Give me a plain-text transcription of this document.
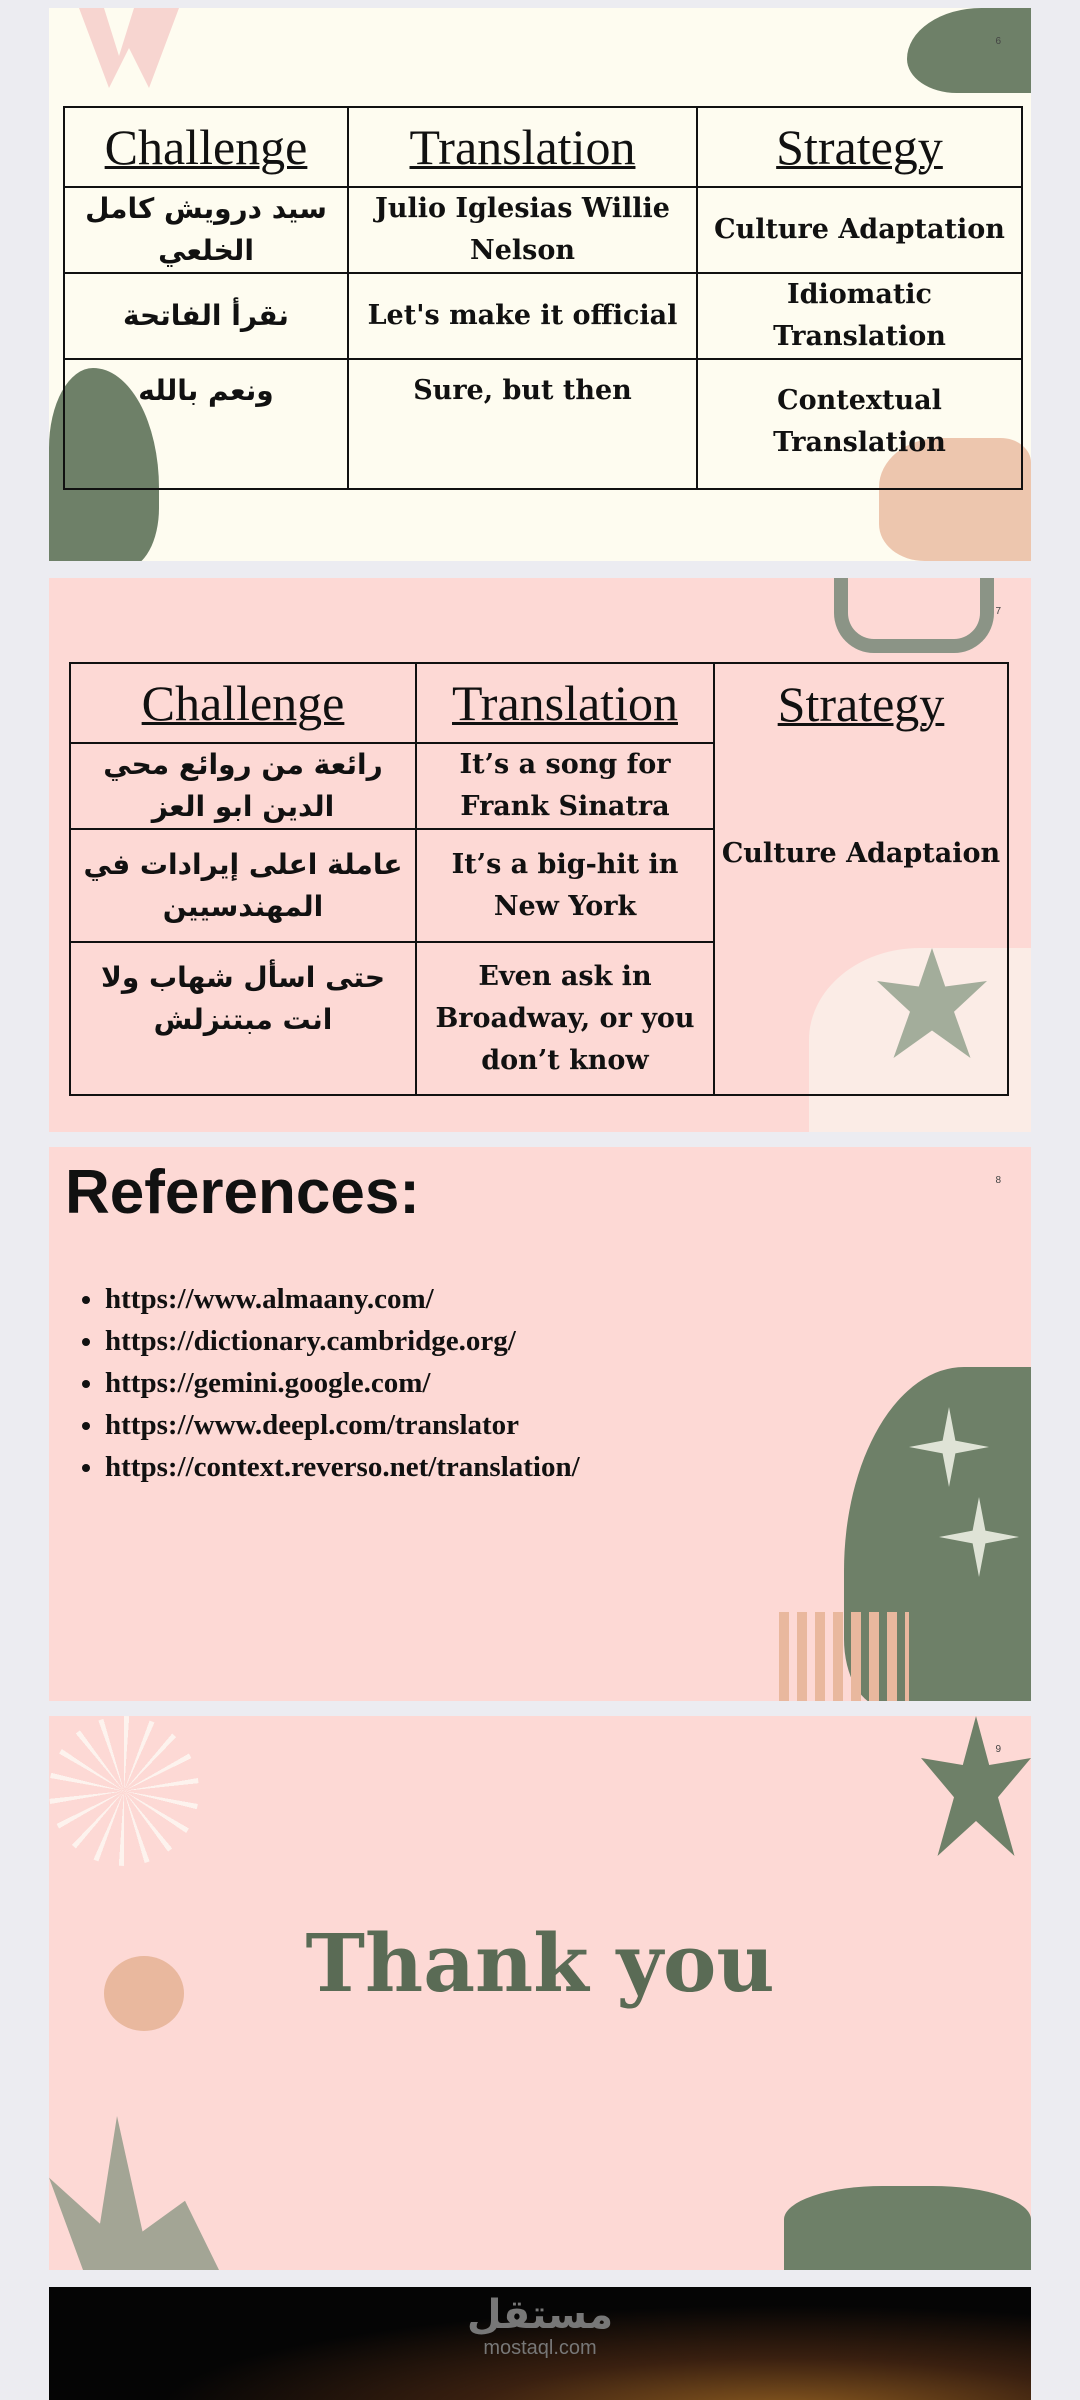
6
Challenge	Translation	Strategy
سيد درويش كامل الخلعي	Julio Iglesias Willie Nelson	Culture Adaptation
نقرأ الفاتحة	Let's make it official	Idiomatic Translation
ونعم بالله	Sure, but then	Contextual Translation
7
Challenge	Translation	Strategy
رائعة من روائع محي الدين ابو العز	It’s a song for Frank Sinatra	Culture Adaptaion
عاملة اعلى إيرادات في المهندسيين	It’s a big-hit in New York	
حتى اسأل شهاب ولا انت مبتنزلش	Even ask in Broadway, or you don’t know	
8
References:
• https://www.almaany.com/
• https://dictionary.cambridge.org/
• https://gemini.google.com/
• https://www.deepl.com/translator
• https://context.reverso.net/translation/
9
Thank you
مستقل
mostaql.com
